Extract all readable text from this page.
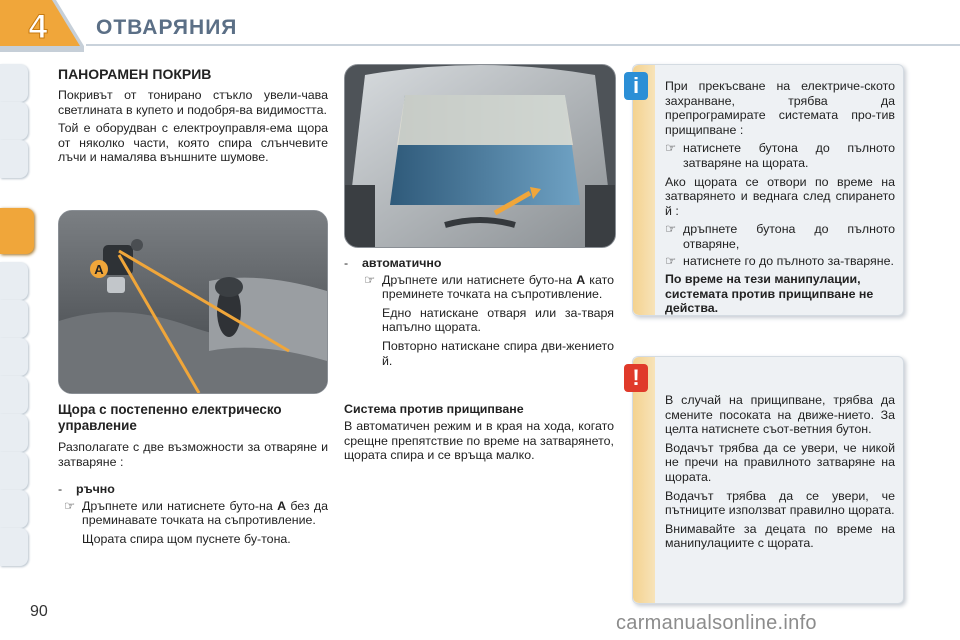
4 ОТВАРЯНИЯ
ПАНОРАМЕН ПОКРИВ

Покривът от тонирано стъкло увели-чава светлината в купето и подобря-ва видимостта.

Той е оборудван с електроуправля-ема щора от няколко части, която спира слънчевите лъчи и намалява външните шумове.

A
Щора с постепенно електрическо управление
Разполагате с две възможности за отваряне и затваряне :
-	ръчно
☞ Дръпнете или натиснете буто-на A без да преминавате точката на съпротивление.
Щората спира щом пуснете бу-тона.
-	автоматично
☞ Дръпнете или натиснете буто-на A като преминете точката на съпротивление.
Едно натискане отваря или за-тваря напълно щората.
Повторно натискане спира дви-жението й.
Система против прищипване
В автоматичен режим и в края на хода, когато срещне препятствие по време на затварянето, щората спира и се връща малко.

При прекъсване на електриче-ското захранване, трябва да препрограмирате системата про-тив прищипване :

☞ натиснете бутона до пълното затваряне на щората.

Ако щората се отвори по време на затварянето и веднага след спирането й :

☞ дръпнете бутона до пълното отваряне,
☞ натиснете го до пълното за-тваряне.
По време на тези манипулации, системата против прищипване не действа.
i

В случай на прищипване, трябва да смените посоката на движе-нието. За целта натиснете съот-ветния бутон.

Водачът трябва да се увери, че никой не пречи на правилното затваряне на щората.

Водачът трябва да се увери, че пътниците използват правилно щората.

Внимавайте за децата по време на манипулациите с щората.

!
90
carmanualsonline.info
